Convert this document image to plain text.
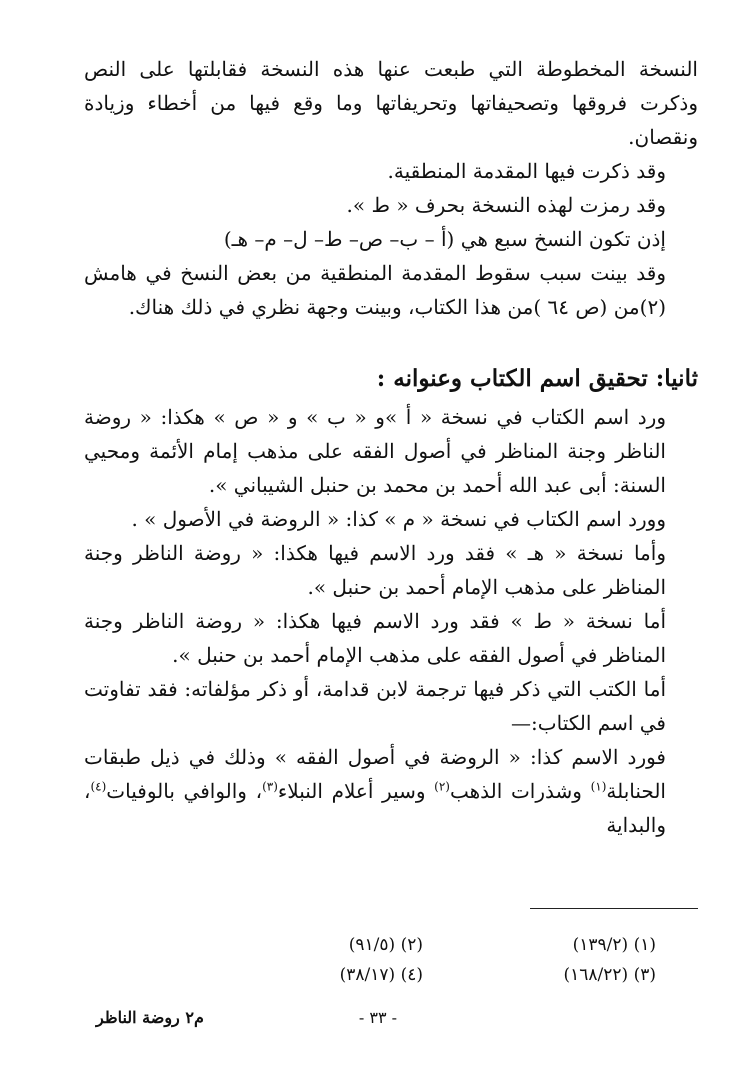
النسخة المخطوطة التي طبعت عنها هذه النسخة فقابلتها على النص وذكرت فروقها وتصحيفاتها وتحريفاتها وما وقع فيها من أخطاء وزيادة ونقصان.

وقد ذكرت فيها المقدمة المنطقية.

وقد رمزت لهذه النسخة بحرف « ط ».

إذن تكون النسخ سبع هي (أ – ب– ص– ط– ل– م– هـ)

وقد بينت سبب سقوط المقدمة المنطقية من بعض النسخ في هامش (٢)من (ص ٦٤ )من هذا الكتاب، وبينت وجهة نظري في ذلك هناك.

ثانيا: تحقيق اسم الكتاب وعنوانه :

ورد اسم الكتاب في نسخة « أ »و « ب » و « ص » هكذا: « روضة الناظر وجنة المناظر في أصول الفقه على مذهب إمام الأئمة ومحيي السنة: أبى عبد الله أحمد بن محمد بن حنبل الشيباني ».

وورد اسم الكتاب في نسخة « م » كذا: « الروضة في الأصول » .

وأما نسخة « هـ » فقد ورد الاسم فيها هكذا: « روضة الناظر وجنة المناظر على مذهب الإمام أحمد بن حنبل ».

أما نسخة « ط » فقد ورد الاسم فيها هكذا: « روضة الناظر وجنة المناظر في أصول الفقه على مذهب الإمام أحمد بن حنبل ».

أما الكتب التي ذكر فيها ترجمة لابن قدامة، أو ذكر مؤلفاته: فقد تفاوتت في اسم الكتاب:—

فورد الاسم كذا: « الروضة في أصول الفقه » وذلك في ذيل طبقات الحنابلة$^{(١)}$ وشذرات الذهب$^{(٢)}$ وسير أعلام النبلاء$^{(٣)}$، والوافي بالوفيات$^{(٤)}$، والبداية

(١) (١٣٩/٢)
(٢) (٩١/٥)
(٣) (١٦٨/٢٢)
(٤) (٣٨/١٧)
- ٣٣ -
م٢ روضة الناظر
